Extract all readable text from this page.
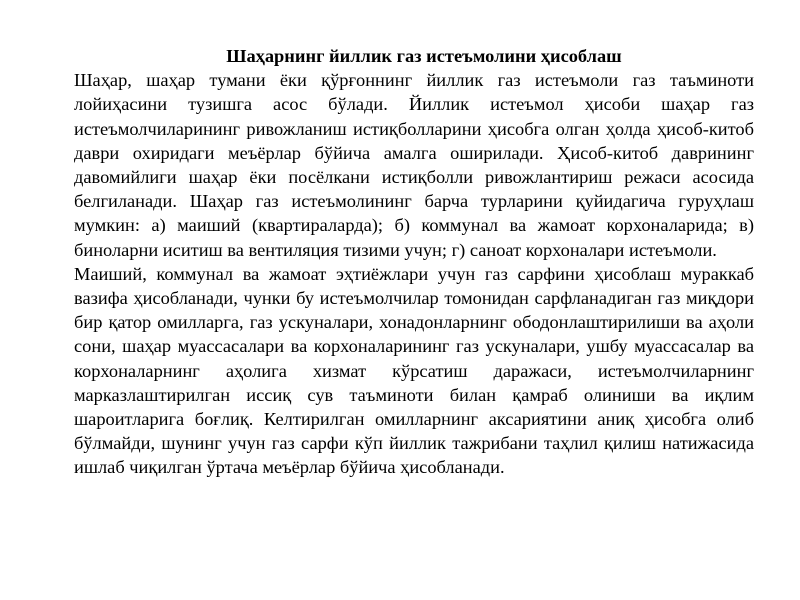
Шаҳарнинг йиллик газ истеъмолини ҳисоблаш

Шаҳар, шаҳар тумани ёки қўрғоннинг йиллик газ истеъмоли газ таъминоти лойиҳасини тузишга асос бўлади. Йиллик истеъмол ҳисоби шаҳар газ истеъмолчиларининг ривожланиш истиқболларини ҳисобга олган ҳолда ҳисоб-китоб даври охиридаги меъёрлар бўйича амалга оширилади. Ҳисоб-китоб даврининг давомийлиги шаҳар ёки посёлкани истиқболли ривожлантириш режаси асосида белгиланади. Шаҳар газ истеъмолининг барча турларини қуйидагича гуруҳлаш мумкин: а) маиший (квартираларда); б) коммунал ва жамоат корхоналарида; в) биноларни иситиш ва вентиляция тизими учун; г) саноат корхоналари истеъмоли.

Маиший, коммунал ва жамоат эҳтиёжлари учун газ сарфини ҳисоблаш мураккаб вазифа ҳисобланади, чунки бу истеъмолчилар томонидан сарфланадиган газ миқдори бир қатор омилларга, газ ускуналари, хонадонларнинг ободонлаштирилиши ва аҳоли сони, шаҳар муассасалари ва корхоналарининг газ ускуналари, ушбу муассасалар ва корхоналарнинг аҳолига хизмат кўрсатиш даражаси, истеъмолчиларнинг марказлаштирилган иссиқ сув таъминоти билан қамраб олиниши ва иқлим шароитларига боғлиқ. Келтирилган омилларнинг аксариятини аниқ ҳисобга олиб бўлмайди, шунинг учун газ сарфи кўп йиллик тажрибани таҳлил қилиш натижасида ишлаб чиқилган ўртача меъёрлар бўйича ҳисобланади.
